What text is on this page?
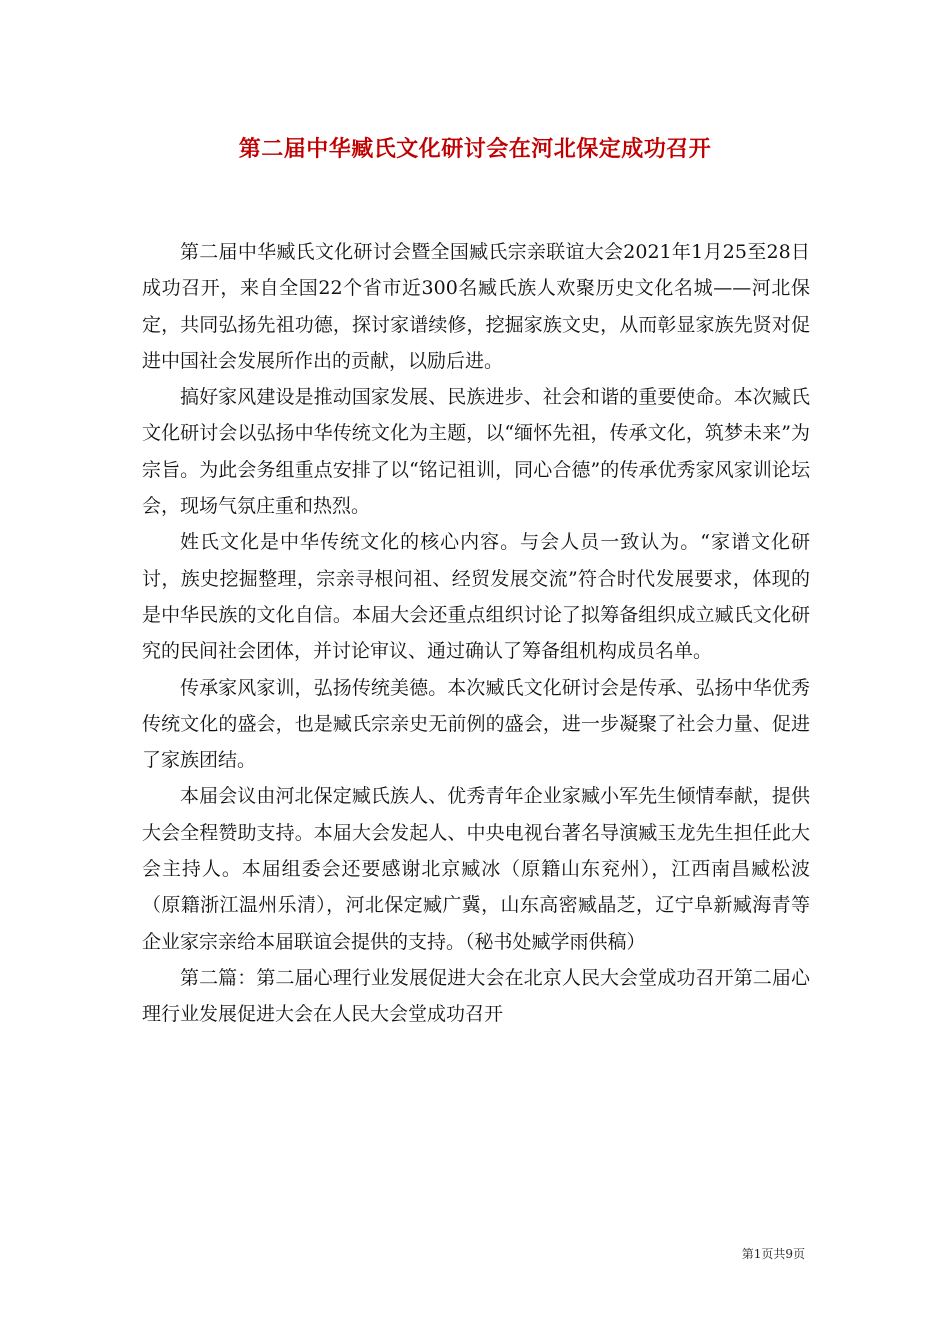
第二届中华臧氏文化研讨会在河北保定成功召开

第二届中华臧氏文化研讨会暨全国臧氏宗亲联谊大会2021年1月25至28日成功召开，来自全国22个省市近300名臧氏族人欢聚历史文化名城——河北保定，共同弘扬先祖功德，探讨家谱续修，挖掘家族文史，从而彰显家族先贤对促进中国社会发展所作出的贡献，以励后进。

搞好家风建设是推动国家发展、民族进步、社会和谐的重要使命。本次臧氏文化研讨会以弘扬中华传统文化为主题，以“缅怀先祖，传承文化，筑梦未来”为宗旨。为此会务组重点安排了以“铭记祖训，同心合德”的传承优秀家风家训论坛会，现场气氛庄重和热烈。

姓氏文化是中华传统文化的核心内容。与会人员一致认为。“家谱文化研讨，族史挖掘整理，宗亲寻根问祖、经贸发展交流”符合时代发展要求，体现的是中华民族的文化自信。本届大会还重点组织讨论了拟筹备组织成立臧氏文化研究的民间社会团体，并讨论审议、通过确认了筹备组机构成员名单。

传承家风家训，弘扬传统美德。本次臧氏文化研讨会是传承、弘扬中华优秀传统文化的盛会，也是臧氏宗亲史无前例的盛会，进一步凝聚了社会力量、促进了家族团结。

本届会议由河北保定臧氏族人、优秀青年企业家臧小军先生倾情奉献，提供大会全程赞助支持。本届大会发起人、中央电视台著名导演臧玉龙先生担任此大会主持人。本届组委会还要感谢北京臧冰（原籍山东兖州），江西南昌臧松波（原籍浙江温州乐清），河北保定臧广冀，山东高密臧晶芝，辽宁阜新臧海青等企业家宗亲给本届联谊会提供的支持。（秘书处臧学雨供稿）

第二篇：第二届心理行业发展促进大会在北京人民大会堂成功召开第二届心理行业发展促进大会在人民大会堂成功召开

第1页共9页
